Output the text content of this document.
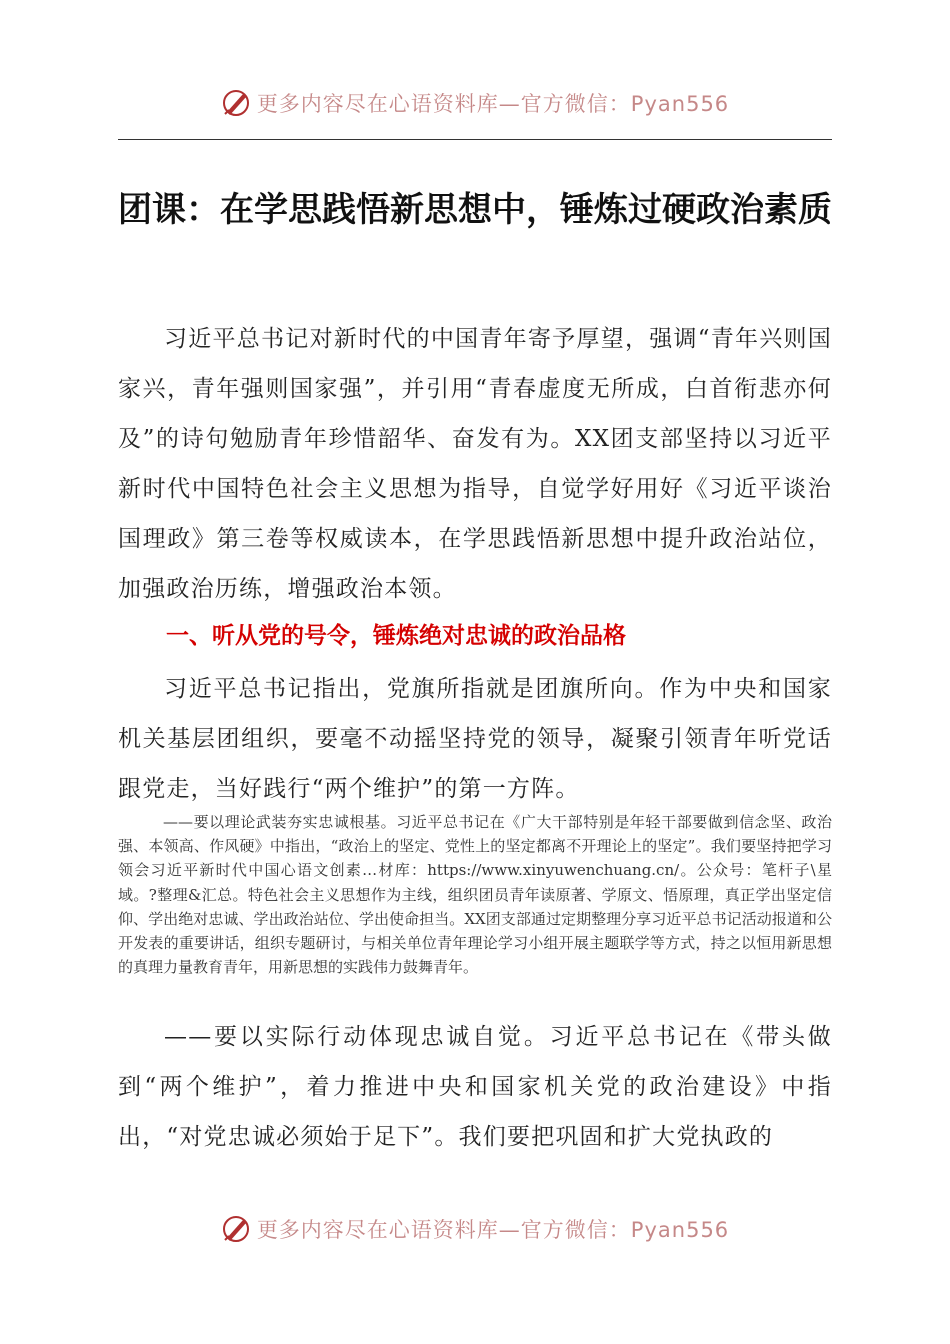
更多内容尽在心语资料库—官方微信：Pyan556
团课：在学思践悟新思想中，锤炼过硬政治素质

习近平总书记对新时代的中国青年寄予厚望，强调“青年兴则国家兴，青年强则国家强”，并引用“青春虚度无所成，白首衔悲亦何及”的诗句勉励青年珍惜韶华、奋发有为。XX团支部坚持以习近平新时代中国特色社会主义思想为指导，自觉学好用好《习近平谈治国理政》第三卷等权威读本，在学思践悟新思想中提升政治站位，加强政治历练，增强政治本领。

一、听从党的号令，锤炼绝对忠诚的政治品格

习近平总书记指出，党旗所指就是团旗所向。作为中央和国家机关基层团组织，要毫不动摇坚持党的领导，凝聚引领青年听党话跟党走，当好践行“两个维护”的第一方阵。

——要以理论武装夯实忠诚根基。习近平总书记在《广大干部特别是年轻干部要做到信念坚、政治强、本领高、作风硬》中指出，“政治上的坚定、党性上的坚定都离不开理论上的坚定”。我们要坚持把学习领会习近平新时代中国心语文创素…材库：https://www.xinyuwenchuang.cn/。公众号：笔杆子\星域。?整理&汇总。特色社会主义思想作为主线，组织团员青年读原著、学原文、悟原理，真正学出坚定信仰、学出绝对忠诚、学出政治站位、学出使命担当。XX团支部通过定期整理分享习近平总书记活动报道和公开发表的重要讲话，组织专题研讨，与相关单位青年理论学习小组开展主题联学等方式，持之以恒用新思想的真理力量教育青年，用新思想的实践伟力鼓舞青年。

——要以实际行动体现忠诚自觉。习近平总书记在《带头做到“两个维护”，着力推进中央和国家机关党的政治建设》中指出，“对党忠诚必须始于足下”。我们要把巩固和扩大党执政的

更多内容尽在心语资料库—官方微信：Pyan556
